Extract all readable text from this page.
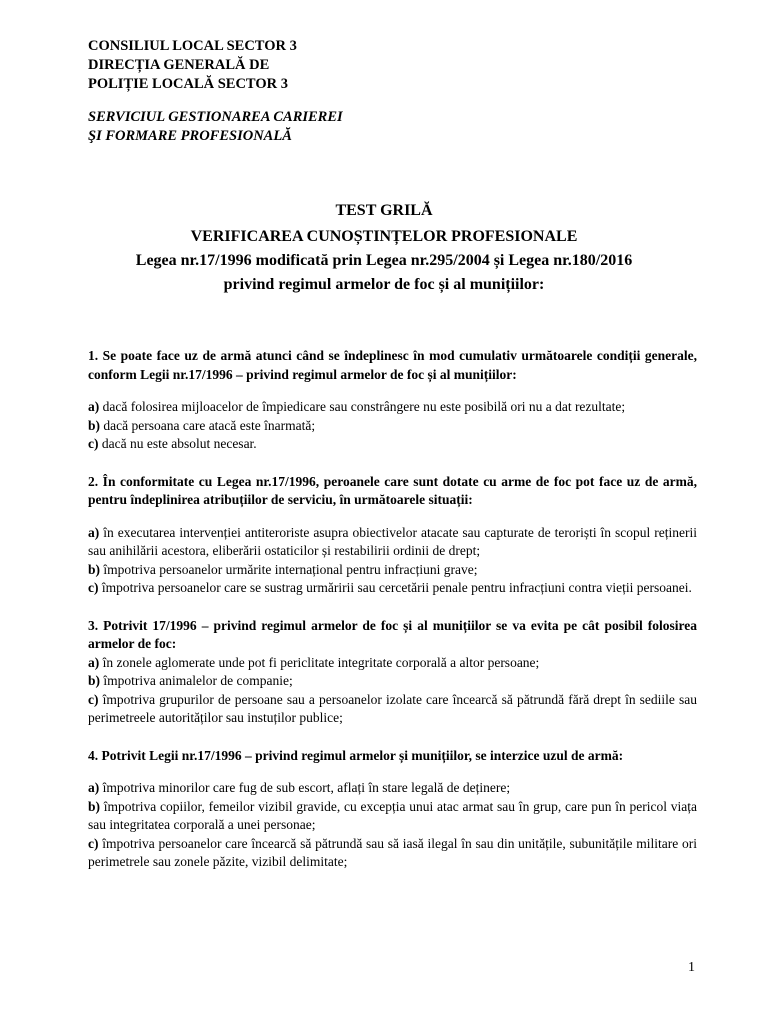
CONSILIUL LOCAL SECTOR 3
DIRECȚIA GENERALĂ DE
POLIȚIE LOCALĂ SECTOR 3
SERVICIUL GESTIONAREA CARIEREI
ŞI FORMARE PROFESIONALĂ
TEST GRILĂ
VERIFICAREA CUNOȘTINȚELOR PROFESIONALE
Legea nr.17/1996 modificată prin Legea nr.295/2004 și Legea nr.180/2016
privind regimul armelor de foc și al munițiilor:

1. Se poate face uz de armă atunci când se îndeplinesc în mod cumulativ următoarele condiții generale, conform Legii nr.17/1996 – privind regimul armelor de foc și al munițiilor:

a) dacă folosirea mijloacelor de împiedicare sau constrângere nu este posibilă ori nu a dat rezultate;

b) dacă persoana care atacă este înarmată;

c) dacă nu este absolut necesar.

2. În conformitate cu Legea nr.17/1996, peroanele care sunt dotate cu arme de foc pot face uz de armă, pentru îndeplinirea atribuțiilor de serviciu, în următoarele situații:

a) în executarea intervenției antiteroriste asupra obiectivelor atacate sau capturate de teroriști în scopul reținerii sau anihilării acestora, eliberării ostaticilor și restabilirii ordinii de drept;

b) împotriva persoanelor urmărite internațional pentru infracțiuni grave;

c) împotriva persoanelor care se sustrag urmăririi sau cercetării penale pentru infracțiuni contra vieții persoanei.

3. Potrivit 17/1996 – privind regimul armelor de foc și al munițiilor se va evita pe cât posibil folosirea armelor de foc:

a) în zonele aglomerate unde pot fi periclitate integritate corporală a altor persoane;

b) împotriva animalelor de companie;

c) împotriva grupurilor de persoane sau a persoanelor izolate care încearcă să pătrundă fără drept în sediile sau perimetreele autorităților sau instuților publice;

4. Potrivit Legii nr.17/1996 – privind regimul armelor și munițiilor, se interzice uzul de armă:

a) împotriva minorilor care fug de sub escort, aflați în stare legală de deținere;

b) împotriva copiilor, femeilor vizibil gravide, cu excepția unui atac armat sau în grup, care pun în pericol viața sau integritatea corporală a unei personae;

c) împotriva persoanelor care încearcă să pătrundă sau să iasă ilegal în sau din unitățile, subunitățile militare ori perimetrele sau zonele păzite, vizibil delimitate;

1
